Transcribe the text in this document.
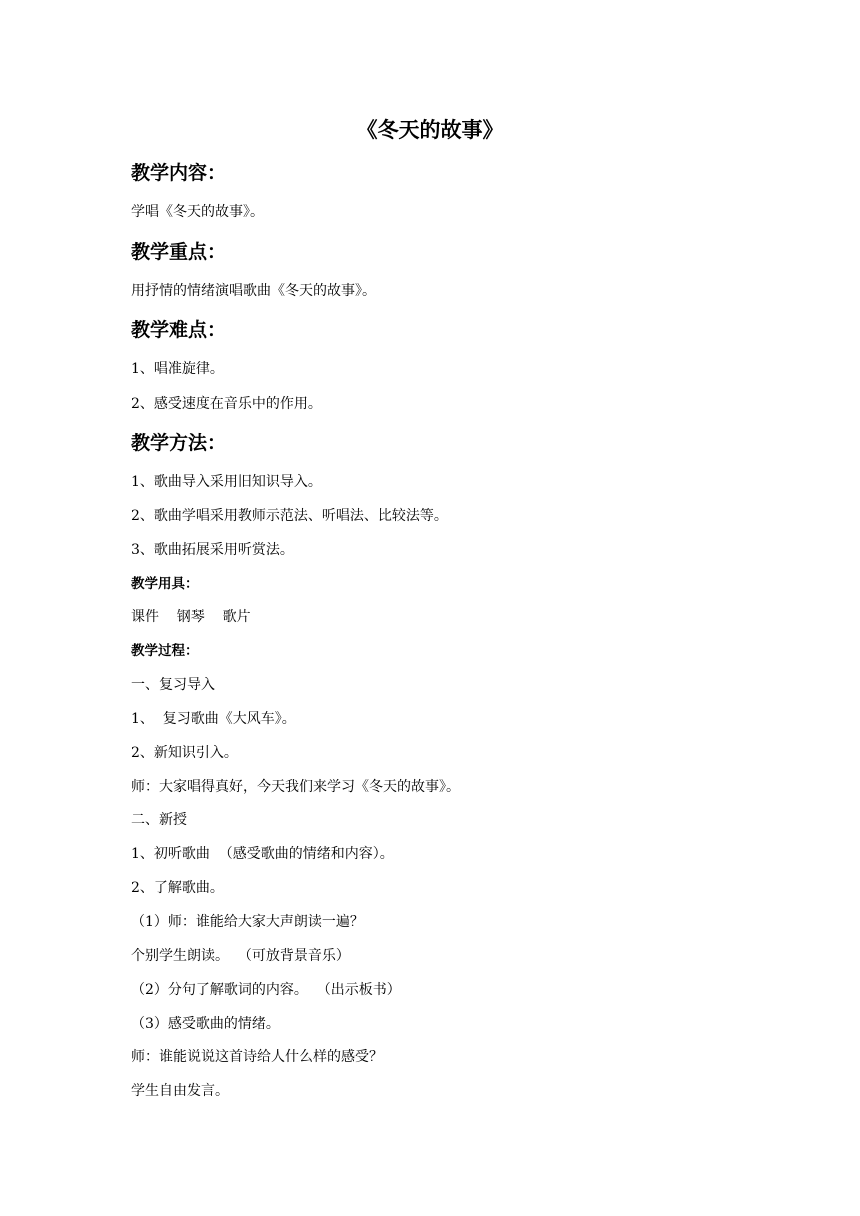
《冬天的故事》
教学内容：
学唱《冬天的故事》。
教学重点：
用抒情的情绪演唱歌曲《冬天的故事》。
教学难点：
1、唱准旋律。
2、感受速度在音乐中的作用。
教学方法：
1、歌曲导入采用旧知识导入。
2、歌曲学唱采用教师示范法、听唱法、比较法等。
3、歌曲拓展采用听赏法。
教学用具：
课件    钢琴    歌片
教学过程：
一、复习导入
1、  复习歌曲《大风车》。
2、新知识引入。
师：大家唱得真好，今天我们来学习《冬天的故事》。
二、新授
1、初听歌曲  （感受歌曲的情绪和内容）。
2、了解歌曲。
（1）师：谁能给大家大声朗读一遍？
个别学生朗读。  （可放背景音乐）
（2）分句了解歌词的内容。  （出示板书）
（3）感受歌曲的情绪。
师：谁能说说这首诗给人什么样的感受？
学生自由发言。
